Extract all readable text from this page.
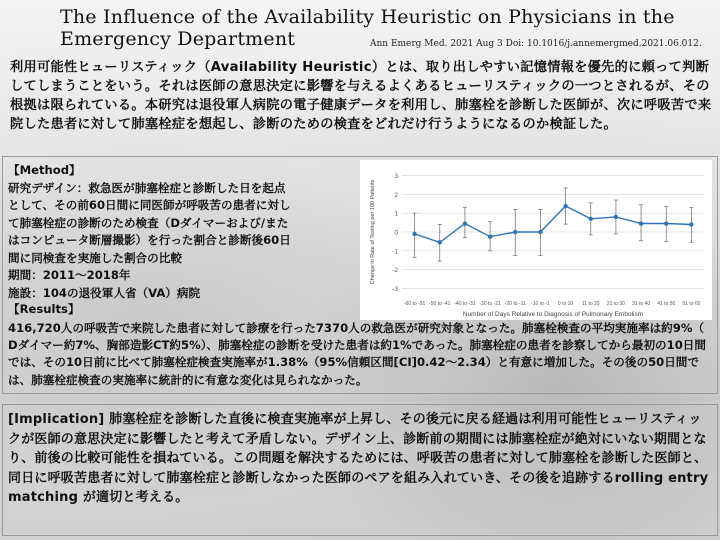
The Influence of the Availability Heuristic on Physicians in the Emergency Department	Ann Emerg Med. 2021 Aug 3 Doi: 10.1016/j.annemergmed.2021.06.012.
利用可能性ヒューリスティック（Availability Heuristic）とは、取り出しやすい記憶情報を優先的に頼って判断してしまうことをいう。それは医師の意思決定に影響を与えるよくあるヒューリスティックの一つとされるが、その根拠は限られている。本研究は退役軍人病院の電子健康データを利用し、肺塞栓を診断した医師が、次に呼吸苦で来院した患者に対して肺塞栓症を想起し、診断のための検査をどれだけ行うようになるのか検証した。
【Method】
研究デザイン：救急医が肺塞栓症と診断した日を起点
として、その前60日間に同医師が呼吸苦の患者に対し
て肺塞栓症の診断のため検査（Dダイマーおよび/また
はコンピュータ断層撮影）を行った割合と診断後60日
間に同検査を実施した割合の比較
期間：2011〜2018年
施設：104の退役軍人省（VA）病院
【Results】
416,720人の呼吸苦で来院した患者に対して診療を行った7370人の救急医が研究対象となった。肺塞栓検査の平均実施率は約9%（ Dダイマー約7%、胸部造影CT約5%）、肺塞栓症の診断を受けた患者は約1%であった。肺塞栓症の患者を診察してから最初の10日間では、その10日前に比べて肺塞栓症検査実施率が1.38%（95%信頼区間[CI]0.42〜2.34）と有意に増加した。その後の50日間では、肺塞栓症検査の実施率に統計的に有意な変化は見られなかった。
3
2
1
0
-1
-2
-3
-60 to -51 -50 to -41 -40 to -31 -30 to -21 -20 to -11 -10 to -1 0 to 10 11 to 20 21 to 30 31 to 40 41 to 50 51 to 60
Number of Days Relative to Diagnosis of Pulmonary Embolism
Change in Rate of Testing per 100 Patients
[Implication] 肺塞栓症を診断した直後に検査実施率が上昇し、その後元に戻る経過は利用可能性ヒューリスティックが医師の意思決定に影響したと考えて矛盾しない。デザイン上、診断前の期間には肺塞栓症が絶対にいない期間となり、前後の比較可能性を損ねている。この問題を解決するためには、呼吸苦の患者に対して肺塞栓を診断した医師と、同日に呼吸苦患者に対して肺塞栓症と診断しなかった医師のペアを組み入れていき、その後を追跡するrolling entry matching が適切と考える。
